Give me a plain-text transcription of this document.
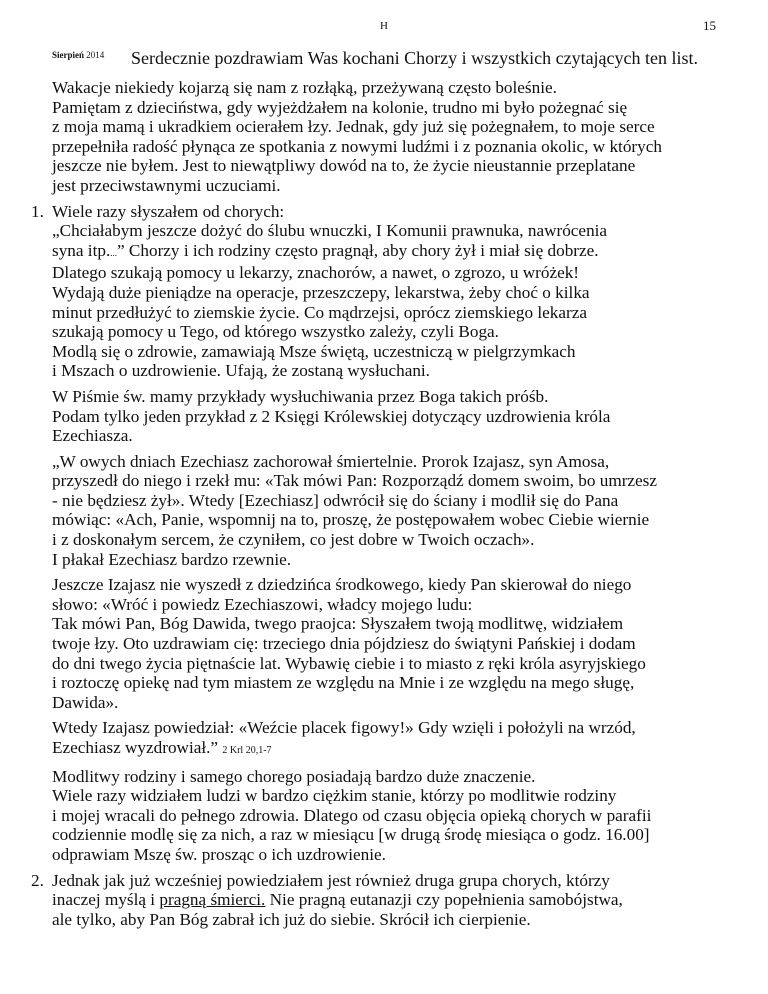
H	15
Sierpień 2014 Serdecznie pozdrawiam Was kochani Chorzy i wszystkich czytających ten list.
Wakacje niekiedy kojarzą się nam z rozłąką, przeżywaną często boleśnie.
Pamiętam z dzieciństwa, gdy wyjeżdżałem na kolonie, trudno mi było pożegnać się
z moja mamą i ukradkiem ocierałem łzy. Jednak, gdy już się pożegnałem, to moje serce
przepełniła radość płynąca ze spotkania z nowymi ludźmi i z poznania okolic, w których
jeszcze nie byłem. Jest to niewątpliwy dowód na to, że życie nieustannie przeplatane
jest przeciwstawnymi uczuciami.
1. Wiele razy słyszałem od chorych:
„Chciałabym jeszcze dożyć do ślubu wnuczki, I Komunii prawnuka, nawrócenia
syna itp....” Chorzy i ich rodziny często pragnął, aby chory żył i miał się dobrze.
Dlatego szukają pomocy u lekarzy, znachorów, a nawet, o zgrozo, u wróżek!
Wydają duże pieniądze na operacje, przeszczepy, lekarstwa, żeby choć o kilka
minut przedłużyć to ziemskie życie. Co mądrzejsi, oprócz ziemskiego lekarza
szukają pomocy u Tego, od którego wszystko zależy, czyli Boga.
Modlą się o zdrowie, zamawiają Msze świętą, uczestniczą w pielgrzymkach
i Mszach o uzdrowienie. Ufają, że zostaną wysłuchani.
W Piśmie św. mamy przykłady wysłuchiwania przez Boga takich próśb.
Podam tylko jeden przykład z 2 Księgi Królewskiej dotyczący uzdrowienia króla
Ezechiasza.
„W owych dniach Ezechiasz zachorował śmiertelnie. Prorok Izajasz, syn Amosa,
przyszedł do niego i rzekł mu: «Tak mówi Pan: Rozporządź domem swoim, bo umrzesz
- nie będziesz żył». Wtedy [Ezechiasz] odwrócił się do ściany i modlił się do Pana
mówiąc: «Ach, Panie, wspomnij na to, proszę, że postępowałem wobec Ciebie wiernie
i z doskonałym sercem, że czyniłem, co jest dobre w Twoich oczach».
I płakał Ezechiasz bardzo rzewnie.
Jeszcze Izajasz nie wyszedł z dziedzińca środkowego, kiedy Pan skierował do niego
słowo: «Wróć i powiedz Ezechiaszowi, władcy mojego ludu:
Tak mówi Pan, Bóg Dawida, twego praojca: Słyszałem twoją modlitwę, widziałem
twoje łzy. Oto uzdrawiam cię: trzeciego dnia pójdziesz do świątyni Pańskiej i dodam
do dni twego życia piętnaście lat. Wybawię ciebie i to miasto z ręki króla asyryjskiego
i roztoczę opiekę nad tym miastem ze względu na Mnie i ze względu na mego sługę,
Dawida».
Wtedy Izajasz powiedział: «Weźcie placek figowy!» Gdy wzięli i położyli na wrzód,
Ezechiasz wyzdrowiał.” 2 Krl 20,1-7
Modlitwy rodziny i samego chorego posiadają bardzo duże znaczenie.
Wiele razy widziałem ludzi w bardzo ciężkim stanie, którzy po modlitwie rodziny
i mojej wracali do pełnego zdrowia. Dlatego od czasu objęcia opieką chorych w parafii
codziennie modlę się za nich, a raz w miesiącu [w drugą środę miesiąca o godz. 16.00]
odprawiam Mszę św. prosząc o ich uzdrowienie.
2. Jednak jak już wcześniej powiedziałem jest również druga grupa chorych, którzy
inaczej myślą i pragną śmierci. Nie pragną eutanazji czy popełnienia samobójstwa,
ale tylko, aby Pan Bóg zabrał ich już do siebie. Skrócił ich cierpienie.
